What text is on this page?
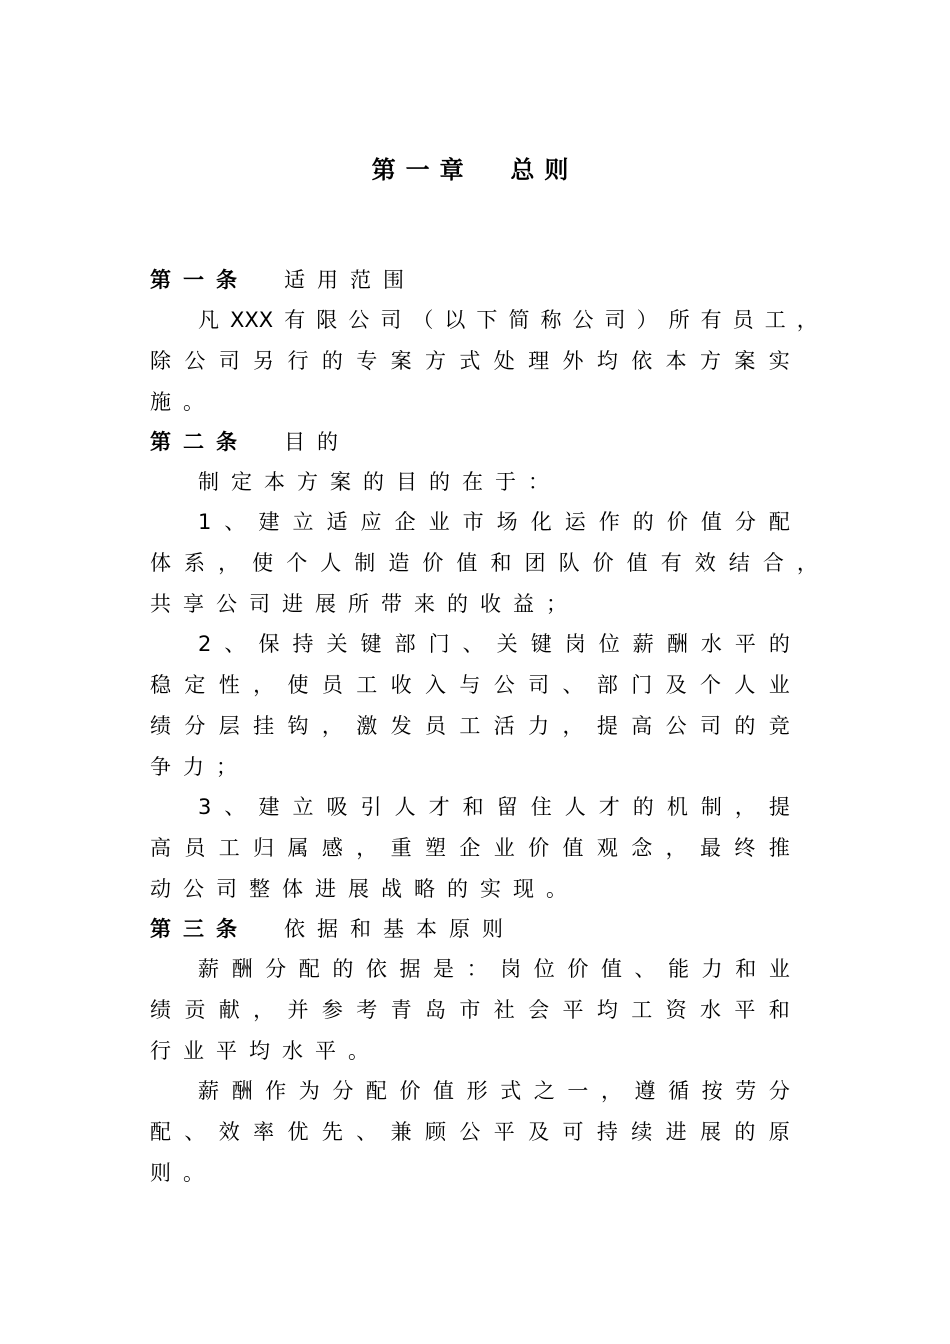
第一章  总则
第一条	适用范围
凡 XXX 有 限 公 司 （ 以 下 简 称 公 司 ） 所 有 员 工 ，
除 公 司 另 行 的 专 案 方 式 处 理 外 均 依 本 方 案 实
施。
第二条	目的
制定本方案的目的在于：
1 、 建 立 适 应 企 业 市 场 化 运 作 的 价 值 分 配
体 系 ， 使 个 人 制 造 价 值 和 团 队 价 值 有 效 结 合 ，
共享公司进展所带来的收益；
2 、 保 持 关 键 部 门 、 关 键 岗 位 薪 酬 水 平 的
稳 定 性 ， 使 员 工 收 入 与 公 司 、 部 门 及 个 人 业
绩 分 层 挂 钩 ， 激 发 员 工 活 力 ， 提 高 公 司 的 竞
争力；
3 、 建 立 吸 引 人 才 和 留 住 人 才 的 机 制 ， 提
高 员 工 归 属 感 ， 重 塑 企 业 价 值 观 念 ， 最 终 推
动公司整体进展战略的实现。
第三条	依据和基本原则
薪 酬 分 配 的 依 据 是 ： 岗 位 价 值 、 能 力 和 业
绩 贡 献 ， 并 参 考 青 岛 市 社 会 平 均 工 资 水 平 和
行业平均水平。
薪 酬 作 为 分 配 价 值 形 式 之 一 ， 遵 循 按 劳 分
配 、 效 率 优 先 、 兼 顾 公 平 及 可 持 续 进 展 的 原
则。
